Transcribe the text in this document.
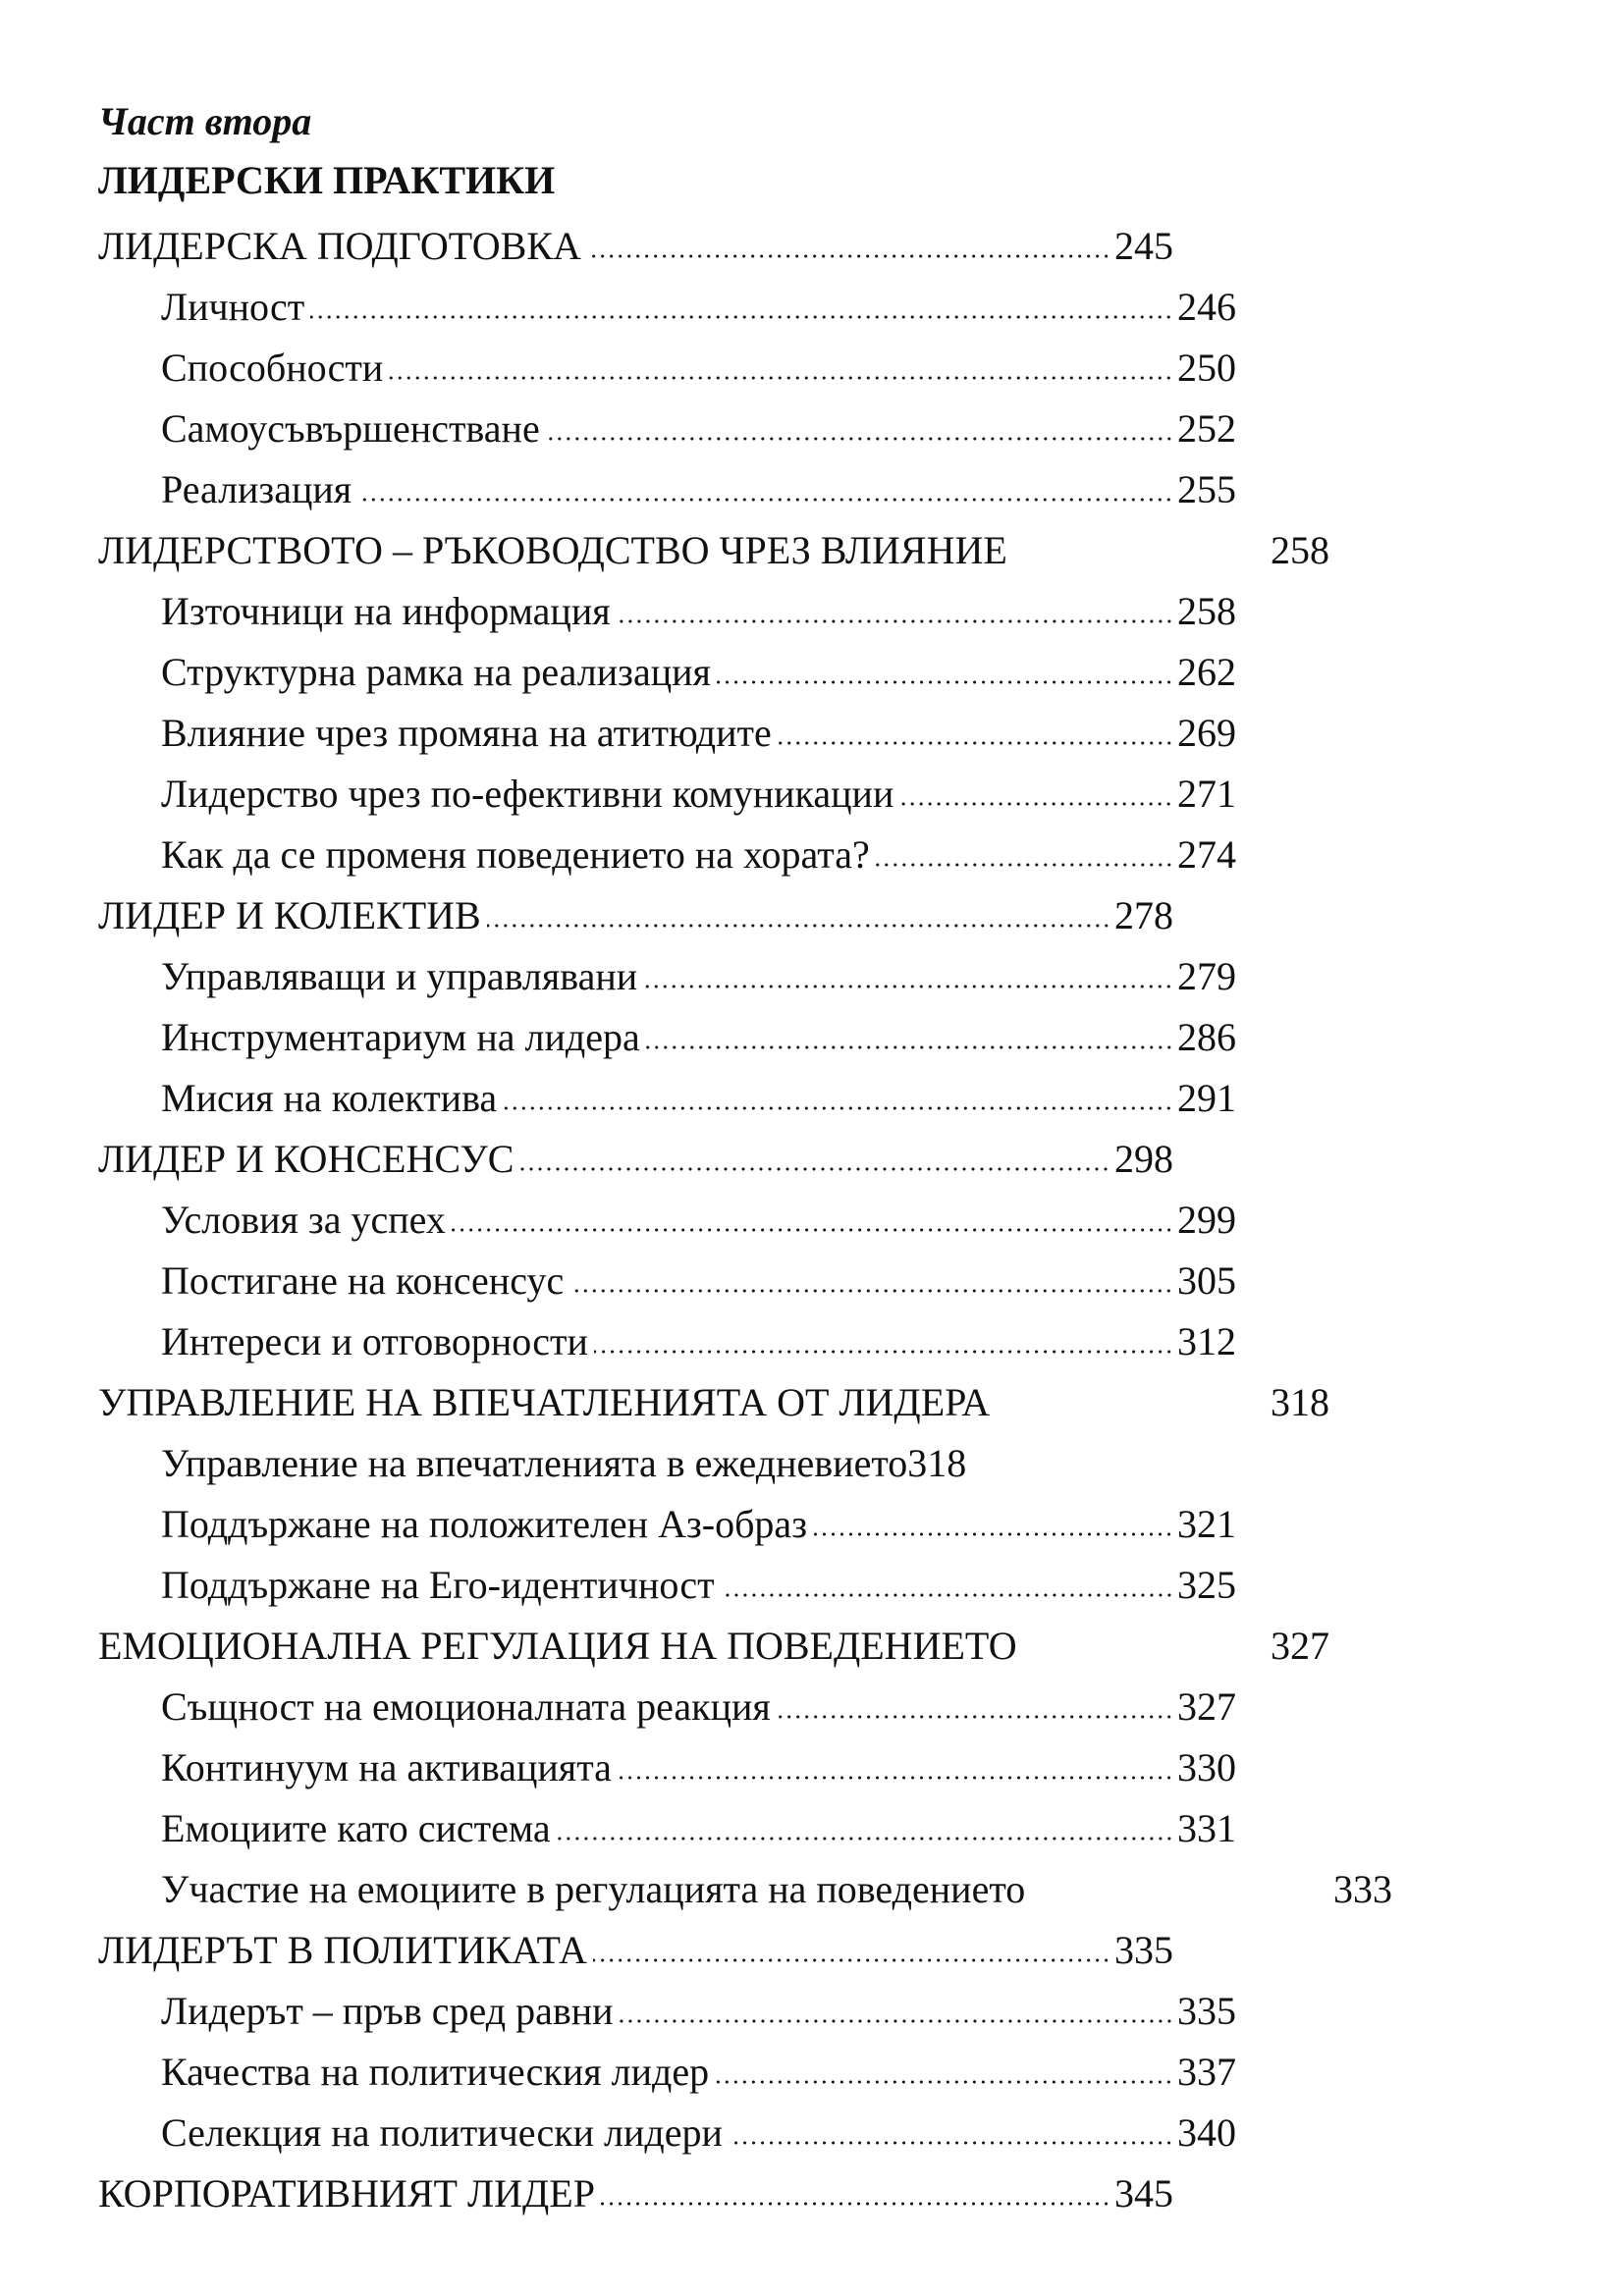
Част втора
ЛИДЕРСКИ ПРАКТИКИ
ЛИДЕРСКА ПОДГОТОВКА	245
Личност	246
Способности	250
Самоусъвършенстване	252
Реализация	255
ЛИДЕРСТВОТО – РЪКОВОДСТВО ЧРЕЗ ВЛИЯНИЕ	258
Източници на информация	258
Структурна рамка на реализация	262
Влияние чрез промяна на атитюдите	269
Лидерство чрез по-ефективни комуникации	271
Как да се променя поведението на хората?	274
ЛИДЕР И КОЛЕКТИВ	278
Управляващи и управлявани	279
Инструментариум на лидера	286
Мисия на колектива	291
ЛИДЕР И КОНСЕНСУС	298
Условия за успех	299
Постигане на консенсус	305
Интереси и отговорности	312
УПРАВЛЕНИЕ НА ВПЕЧАТЛЕНИЯТА ОТ ЛИДЕРА	318
Управление на впечатленията в ежедневието 318
Поддържане на положителен Аз-образ	321
Поддържане на Его-идентичност	325
ЕМОЦИОНАЛНА РЕГУЛАЦИЯ НА ПОВЕДЕНИЕТО	327
Същност на емоционалната реакция	327
Континуум на активацията	330
Емоциите като система	331
Участие на емоциите в регулацията на поведението	333
ЛИДЕРЪТ В ПОЛИТИКАТА	335
Лидерът – пръв сред равни	335
Качества на политическия лидер	337
Селекция на политически лидери	340
КОРПОРАТИВНИЯТ ЛИДЕР	345
